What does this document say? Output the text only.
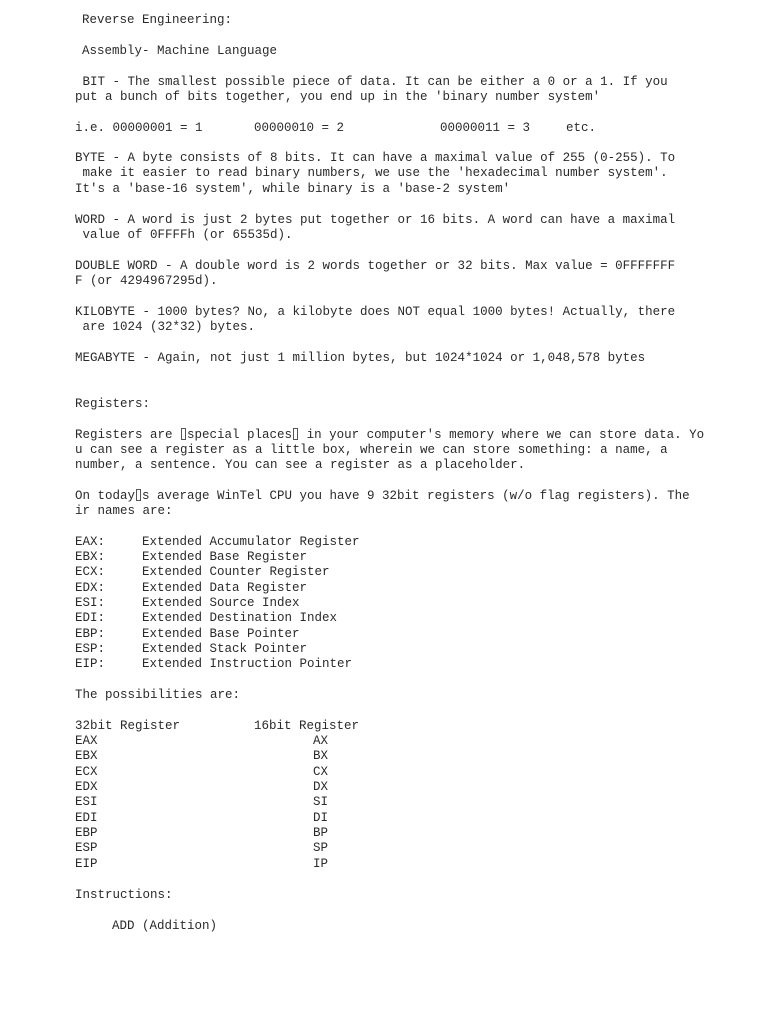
Reverse Engineering:
Assembly- Machine Language
BIT - The smallest possible piece of data. It can be either a 0 or a 1. If you
put a bunch of bits together, you end up in the 'binary number system'
i.e. 00000001 = 1	00000010 = 2	00000011 = 3	etc.
BYTE - A byte consists of 8 bits. It can have a maximal value of 255 (0-255). To
make it easier to read binary numbers, we use the 'hexadecimal number system'.
It's a 'base-16 system', while binary is a 'base-2 system'
WORD - A word is just 2 bytes put together or 16 bits. A word can have a maximal
value of 0FFFFh (or 65535d).
DOUBLE WORD - A double word is 2 words together or 32 bits. Max value = 0FFFFFFF
F (or 4294967295d).
KILOBYTE - 1000 bytes? No, a kilobyte does NOT equal 1000 bytes! Actually, there
are 1024 (32*32) bytes.
MEGABYTE - Again, not just 1 million bytes, but 1024*1024 or 1,048,578 bytes
Registers:
Registers are special places in your computer's memory where we can store data. Yo
u can see a register as a little box, wherein we can store something: a name, a
number, a sentence. You can see a register as a placeholder.
On today s average WinTel CPU you have 9 32bit registers (w/o flag registers). The
ir names are:
EAX:	Extended Accumulator Register
EBX:	Extended Base Register
ECX:	Extended Counter Register
EDX:	Extended Data Register
ESI:	Extended Source Index
EDI:	Extended Destination Index
EBP:	Extended Base Pointer
ESP:	Extended Stack Pointer
EIP:	Extended Instruction Pointer
The possibilities are:
32bit Register	16bit Register
EAX	AX
EBX	BX
ECX	CX
EDX	DX
ESI	SI
EDI	DI
EBP	BP
ESP	SP
EIP	IP
Instructions:
ADD (Addition)
